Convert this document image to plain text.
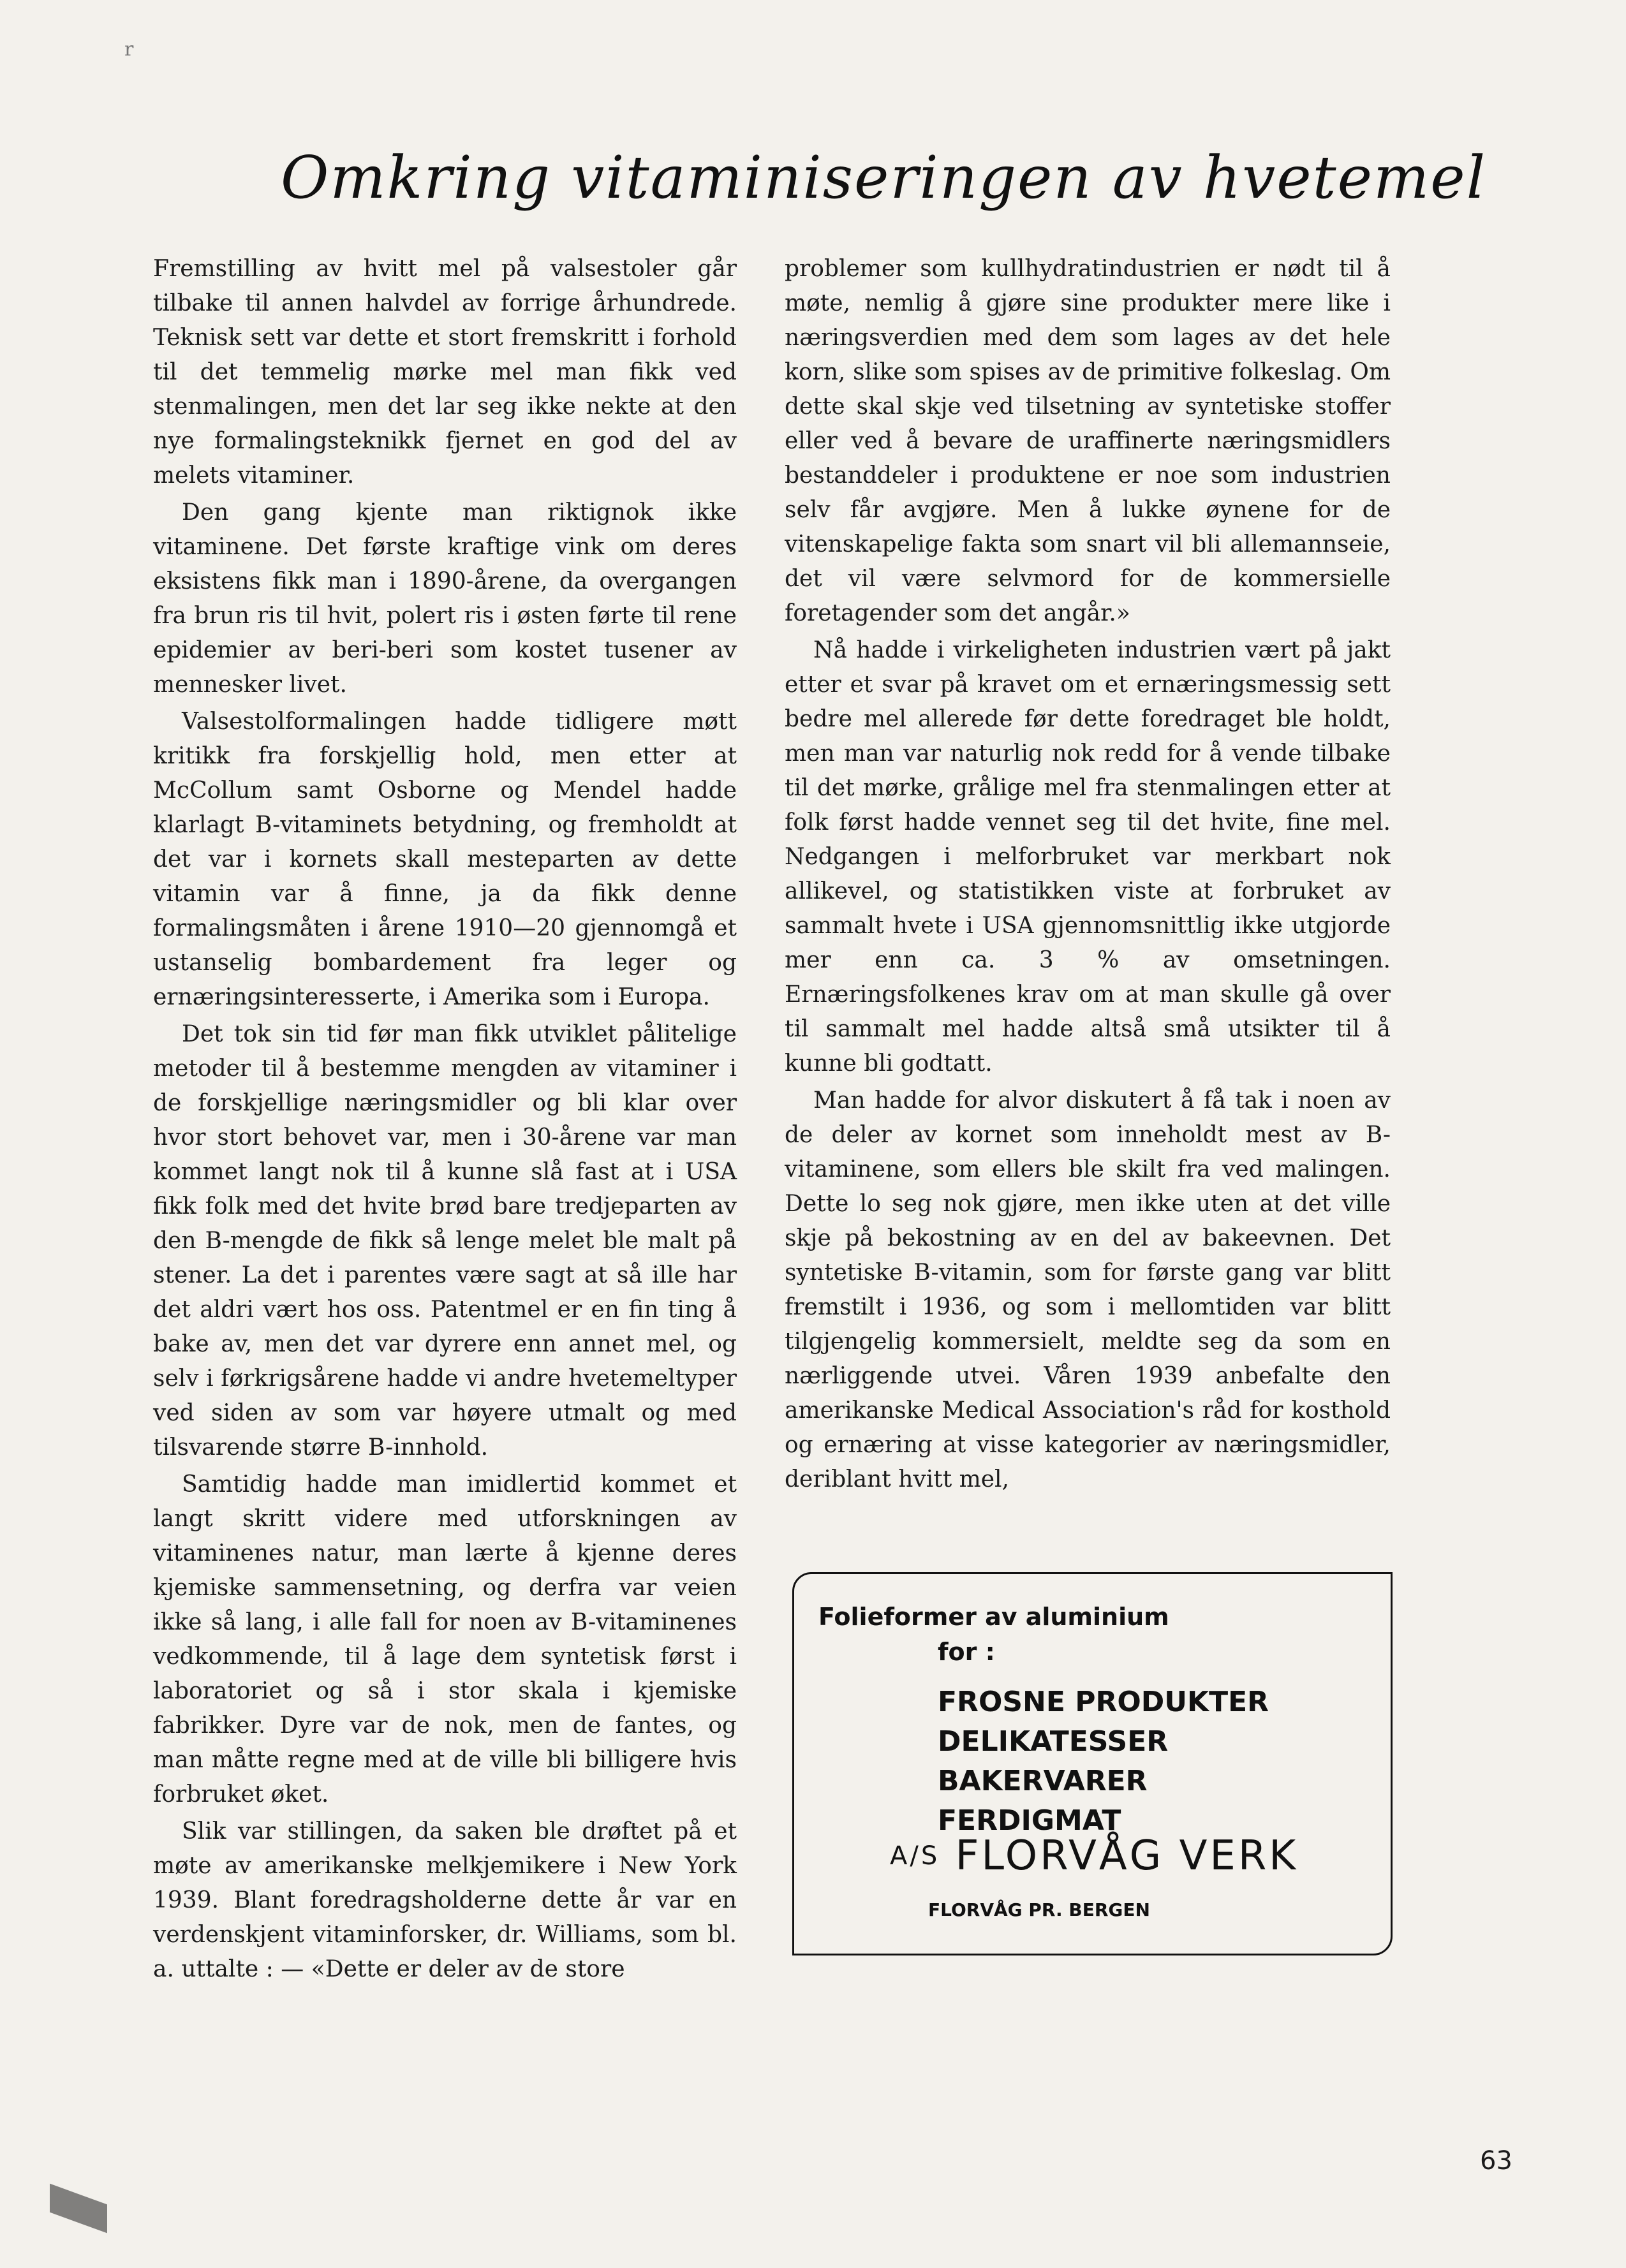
r
Omkring vitaminiseringen av hvetemel

Fremstilling av hvitt mel på valsestoler går tilbake til annen halvdel av forrige århundrede. Teknisk sett var dette et stort fremskritt i forhold til det temmelig mørke mel man fikk ved stenmalingen, men det lar seg ikke nekte at den nye formalingsteknikk fjernet en god del av melets vitaminer.

Den gang kjente man riktignok ikke vitaminene. Det første kraftige vink om deres eksistens fikk man i 1890-årene, da overgangen fra brun ris til hvit, polert ris i østen førte til rene epidemier av beri-beri som kostet tusener av mennesker livet.

Valsestolformalingen hadde tidligere møtt kritikk fra forskjellig hold, men etter at McCollum samt Osborne og Mendel hadde klarlagt B-vitaminets betydning, og fremholdt at det var i kornets skall mesteparten av dette vitamin var å finne, ja da fikk denne formalingsmåten i årene 1910—20 gjennomgå et ustanselig bombardement fra leger og ernæringsinteresserte, i Amerika som i Europa.

Det tok sin tid før man fikk utviklet pålitelige metoder til å bestemme mengden av vitaminer i de forskjellige næringsmidler og bli klar over hvor stort behovet var, men i 30-årene var man kommet langt nok til å kunne slå fast at i USA fikk folk med det hvite brød bare tredjeparten av den B-mengde de fikk så lenge melet ble malt på stener. La det i parentes være sagt at så ille har det aldri vært hos oss. Patentmel er en fin ting å bake av, men det var dyrere enn annet mel, og selv i førkrigsårene hadde vi andre hvetemeltyper ved siden av som var høyere utmalt og med tilsvarende større B-innhold.

Samtidig hadde man imidlertid kommet et langt skritt videre med utforskningen av vitaminenes natur, man lærte å kjenne deres kjemiske sammensetning, og derfra var veien ikke så lang, i alle fall for noen av B-vitaminenes vedkommende, til å lage dem syntetisk først i laboratoriet og så i stor skala i kjemiske fabrikker. Dyre var de nok, men de fantes, og man måtte regne med at de ville bli billigere hvis forbruket øket.

Slik var stillingen, da saken ble drøftet på et møte av amerikanske melkjemikere i New York 1939. Blant foredragsholderne dette år var en verdenskjent vitaminforsker, dr. Williams, som bl. a. uttalte : — «Dette er deler av de store

problemer som kullhydratindustrien er nødt til å møte, nemlig å gjøre sine produkter mere like i næringsverdien med dem som lages av det hele korn, slike som spises av de primitive folkeslag. Om dette skal skje ved tilsetning av syntetiske stoffer eller ved å bevare de uraffinerte næringsmidlers bestanddeler i produktene er noe som industrien selv får avgjøre. Men å lukke øynene for de vitenskapelige fakta som snart vil bli allemannseie, det vil være selvmord for de kommersielle foretagender som det angår.»

Nå hadde i virkeligheten industrien vært på jakt etter et svar på kravet om et ernæringsmessig sett bedre mel allerede før dette foredraget ble holdt, men man var naturlig nok redd for å vende tilbake til det mørke, grålige mel fra stenmalingen etter at folk først hadde vennet seg til det hvite, fine mel. Nedgangen i melforbruket var merkbart nok allikevel, og statistikken viste at forbruket av sammalt hvete i USA gjennomsnittlig ikke utgjorde mer enn ca. 3 % av omsetningen. Ernæringsfolkenes krav om at man skulle gå over til sammalt mel hadde altså små utsikter til å kunne bli godtatt.

Man hadde for alvor diskutert å få tak i noen av de deler av kornet som inneholdt mest av B-vitaminene, som ellers ble skilt fra ved malingen. Dette lo seg nok gjøre, men ikke uten at det ville skje på bekostning av en del av bakeevnen. Det syntetiske B-vitamin, som for første gang var blitt fremstilt i 1936, og som i mellomtiden var blitt tilgjengelig kommersielt, meldte seg da som en nærliggende utvei. Våren 1939 anbefalte den amerikanske Medical Association's råd for kosthold og ernæring at visse kategorier av næringsmidler, deriblant hvitt mel,

Folieformer av aluminium
for :
FROSNE PRODUKTER
DELIKATESSER
BAKERVARER
FERDIGMAT
A/S FLORVÅG VERK
FLORVÅG PR. BERGEN
63
